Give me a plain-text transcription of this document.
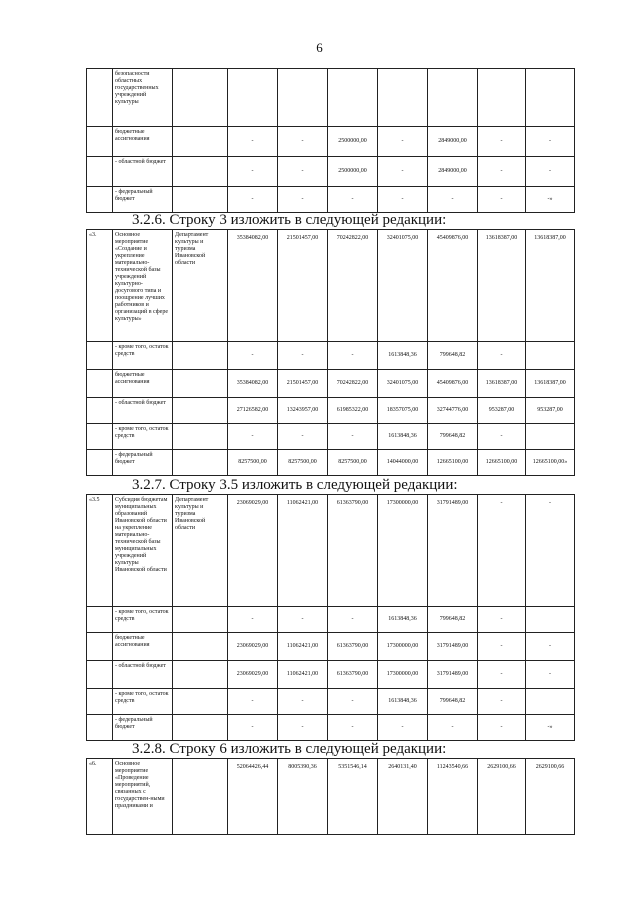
6
	безопасности областных государственных учреждений культуры								
	бюджетные ассигнования		-	-	2500000,00	-	2849000,00	-	-
	- областной бюджет		-	-	2500000,00	-	2849000,00	-	-
	- федеральный бюджет		-	-	-	-	-	-	-»
3.2.6. Строку 3 изложить в следующей редакции:
«3.	Основное мероприятие «Создание и укрепление материально-технической базы учреждений культурно-досугового типа и поощрение лучших работников и организаций в сфере культуры»	Департамент культуры и туризма Ивановской области	35384082,00	21501457,00	70242822,00	32401075,00	45409876,00	13618387,00	13618387,00
	- кроме того, остаток средств		-	-	-	1613848,36	799648,82	-	
	бюджетные ассигнования		35384082,00	21501457,00	70242822,00	32401075,00	45409876,00	13618387,00	13618387,00
	- областной бюджет		27126582,00	13243957,00	61985322,00	18357075,00	32744776,00	953287,00	953287,00
	- кроме того, остаток средств		-	-	-	1613848,36	799648,82	-	
	- федеральный бюджет		8257500,00	8257500,00	8257500,00	14044000,00	12665100,00	12665100,00	12665100,00»
3.2.7. Строку 3.5 изложить в следующей редакции:
«3.5	Субсидия бюджетам муниципальных образований Ивановской области на укрепление материально-технической базы муниципальных учреждений культуры Ивановской области	Департамент культуры и туризма Ивановской области	23069029,00	11062421,00	61363790,00	17300000,00	31791489,00	-	-
	- кроме того, остаток средств		-	-	-	1613848,36	799648,82	-	
	бюджетные ассигнования		23069029,00	11062421,00	61363790,00	17300000,00	31791489,00	-	-
	- областной бюджет		23069029,00	11062421,00	61363790,00	17300000,00	31791489,00	-	-
	- кроме того, остаток средств		-	-	-	1613848,36	799648,82	-	
	- федеральный бюджет		-	-	-	-	-	-	-»
3.2.8. Строку 6 изложить в следующей редакции:
«6.	Основное мероприятие «Проведение мероприятий, связанных с государствен-ными праздниками и		52064426,44	8005390,36	5351546,14	2640131,40	11243540,66	2629100,66	2629100,66
